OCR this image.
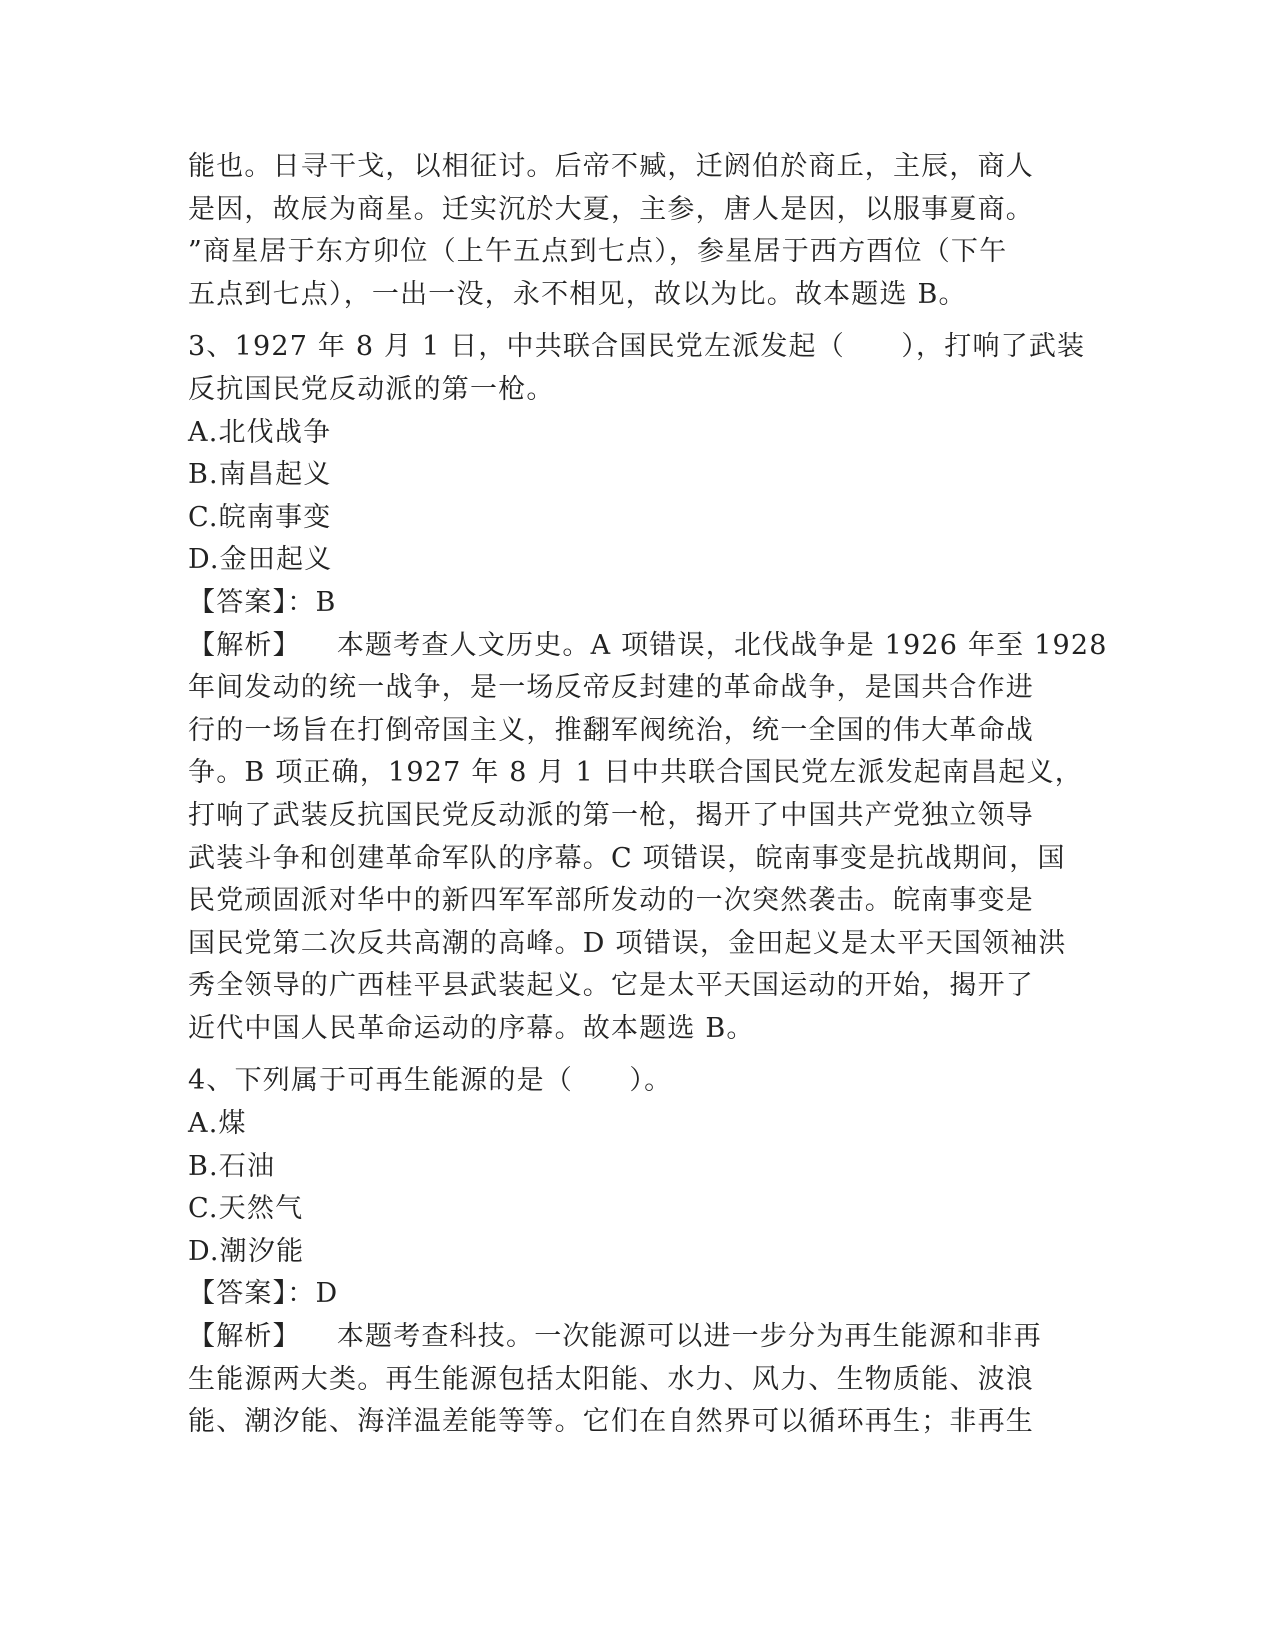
能也。日寻干戈，以相征讨。后帝不臧，迁阏伯於商丘，主辰，商人
是因，故辰为商星。迁实沉於大夏，主参，唐人是因，以服事夏商。
”商星居于东方卯位（上午五点到七点），参星居于西方酉位（下午
五点到七点），一出一没，永不相见，故以为比。故本题选 B。
3、1927 年 8 月 1 日，中共联合国民党左派发起（　　），打响了武装
反抗国民党反动派的第一枪。
A.北伐战争
B.南昌起义
C.皖南事变
D.金田起义
【答案】：B
【解析】 本题考查人文历史。A 项错误，北伐战争是 1926 年至 1928
年间发动的统一战争，是一场反帝反封建的革命战争，是国共合作进
行的一场旨在打倒帝国主义，推翻军阀统治，统一全国的伟大革命战
争。B 项正确，1927 年 8 月 1 日中共联合国民党左派发起南昌起义，
打响了武装反抗国民党反动派的第一枪，揭开了中国共产党独立领导
武装斗争和创建革命军队的序幕。C 项错误，皖南事变是抗战期间，国
民党顽固派对华中的新四军军部所发动的一次突然袭击。皖南事变是
国民党第二次反共高潮的高峰。D 项错误，金田起义是太平天国领袖洪
秀全领导的广西桂平县武装起义。它是太平天国运动的开始，揭开了
近代中国人民革命运动的序幕。故本题选 B。
4、下列属于可再生能源的是（　　）。
A.煤
B.石油
C.天然气
D.潮汐能
【答案】：D
【解析】 本题考查科技。一次能源可以进一步分为再生能源和非再
生能源两大类。再生能源包括太阳能、水力、风力、生物质能、波浪
能、潮汐能、海洋温差能等等。它们在自然界可以循环再生；非再生
